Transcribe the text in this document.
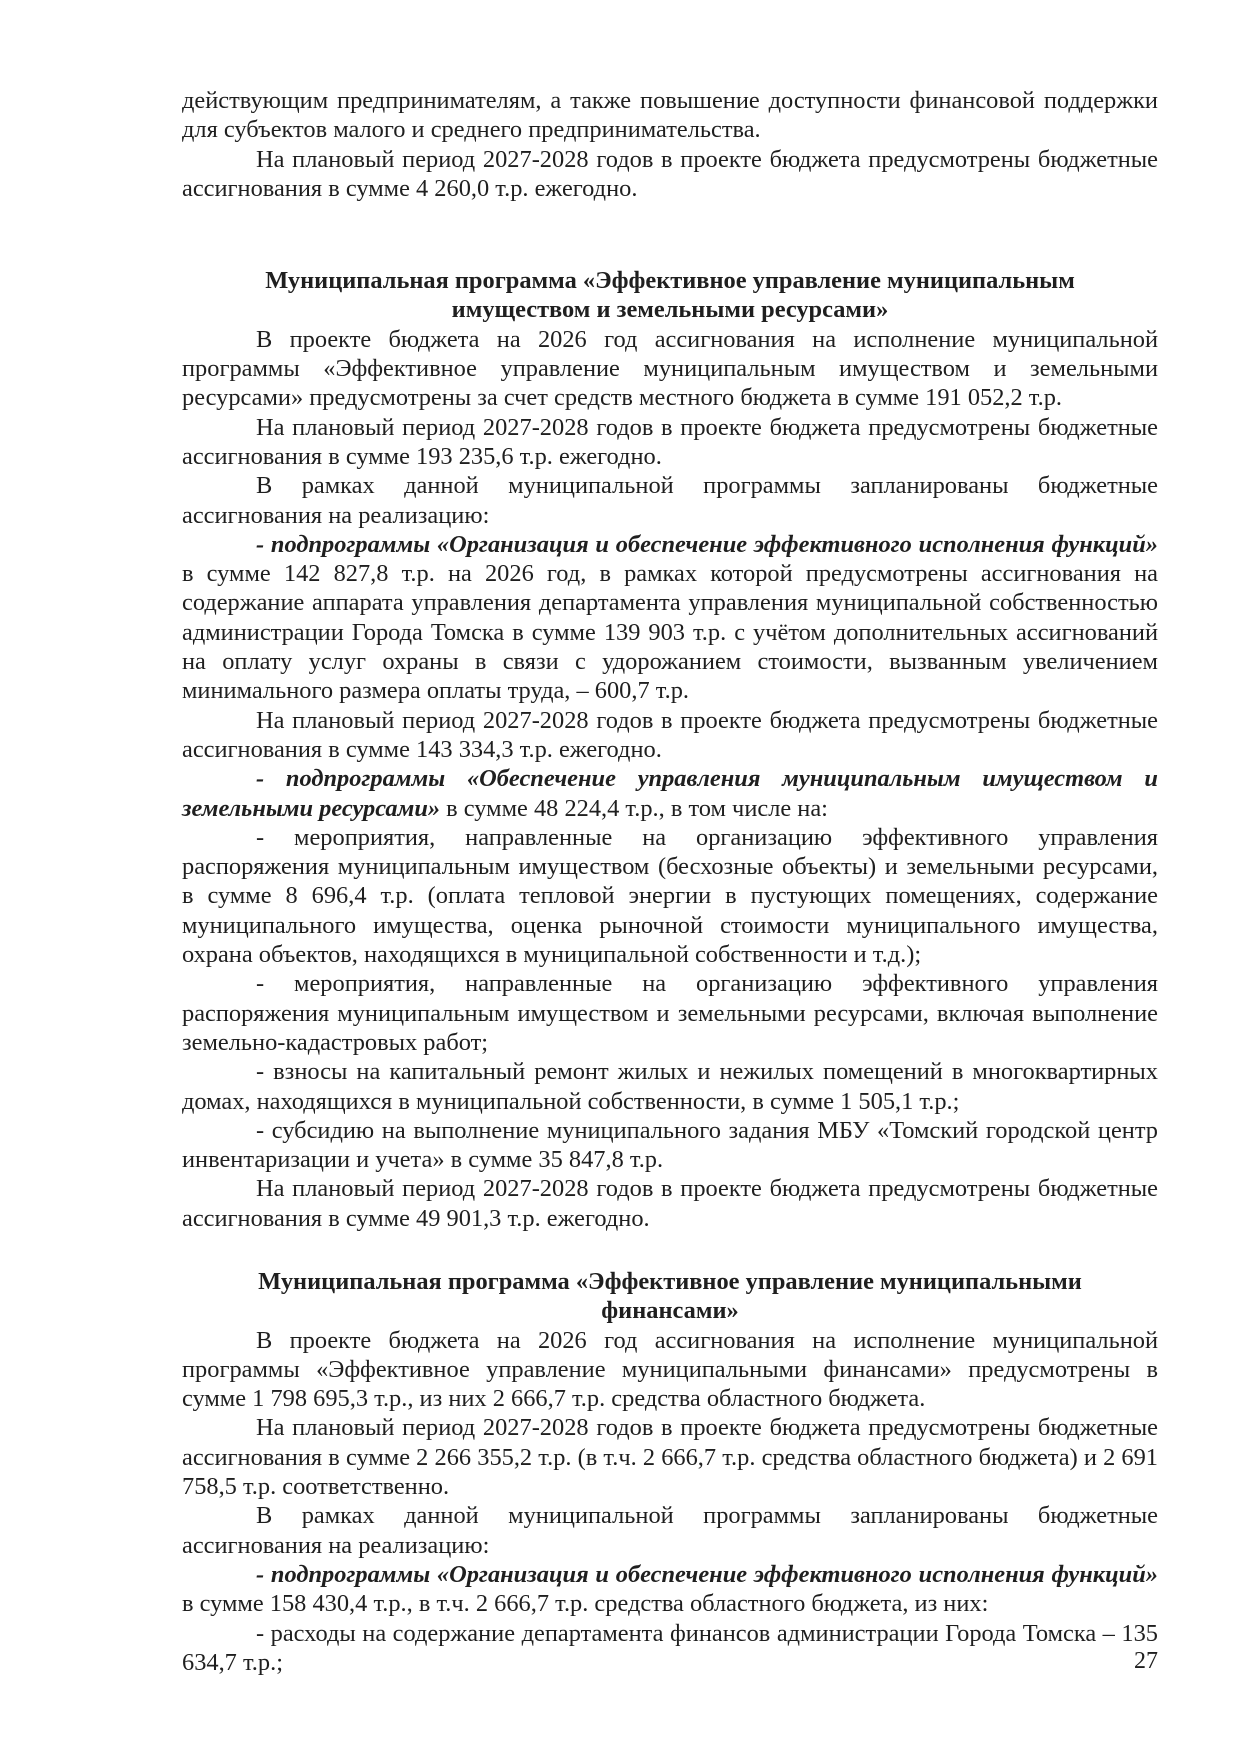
действующим предпринимателям, а также повышение доступности финансовой поддержки для субъектов малого и среднего предпринимательства.

На плановый период 2027-2028 годов в проекте бюджета предусмотрены бюджетные ассигнования в сумме 4 260,0 т.р. ежегодно.

Муниципальная программа «Эффективное управление муниципальным имуществом и земельными ресурсами»

В проекте бюджета на 2026 год ассигнования на исполнение муниципальной программы «Эффективное управление муниципальным имуществом и земельными ресурсами» предусмотрены за счет средств местного бюджета в сумме 191 052,2 т.р.

На плановый период 2027-2028 годов в проекте бюджета предусмотрены бюджетные ассигнования в сумме 193 235,6 т.р. ежегодно.

В рамках данной муниципальной программы запланированы бюджетные ассигнования на реализацию:

- подпрограммы «Организация и обеспечение эффективного исполнения функций» в сумме 142 827,8 т.р. на 2026 год, в рамках которой предусмотрены ассигнования на содержание аппарата управления департамента управления муниципальной собственностью администрации Города Томска в сумме 139 903 т.р. с учётом дополнительных ассигнований на оплату услуг охраны в связи с удорожанием стоимости, вызванным увеличением минимального размера оплаты труда, – 600,7 т.р.

На плановый период 2027-2028 годов в проекте бюджета предусмотрены бюджетные ассигнования в сумме 143 334,3 т.р. ежегодно.

- подпрограммы «Обеспечение управления муниципальным имуществом и земельными ресурсами» в сумме 48 224,4 т.р., в том числе на:

- мероприятия, направленные на организацию эффективного управления распоряжения муниципальным имуществом (бесхозные объекты) и земельными ресурсами, в сумме 8 696,4 т.р. (оплата тепловой энергии в пустующих помещениях, содержание муниципального имущества, оценка рыночной стоимости муниципального имущества, охрана объектов, находящихся в муниципальной собственности и т.д.);

- мероприятия, направленные на организацию эффективного управления распоряжения муниципальным имуществом и земельными ресурсами, включая выполнение земельно-кадастровых работ;

- взносы на капитальный ремонт жилых и нежилых помещений в многоквартирных домах, находящихся в муниципальной собственности, в сумме 1 505,1 т.р.;

- субсидию на выполнение муниципального задания МБУ «Томский городской центр инвентаризации и учета» в сумме 35 847,8 т.р.

На плановый период 2027-2028 годов в проекте бюджета предусмотрены бюджетные ассигнования в сумме 49 901,3 т.р. ежегодно.

Муниципальная программа «Эффективное управление муниципальными финансами»

В проекте бюджета на 2026 год ассигнования на исполнение муниципальной программы «Эффективное управление муниципальными финансами» предусмотрены в сумме 1 798 695,3 т.р., из них 2 666,7 т.р. средства областного бюджета.

На плановый период 2027-2028 годов в проекте бюджета предусмотрены бюджетные ассигнования в сумме 2 266 355,2 т.р. (в т.ч. 2 666,7 т.р. средства областного бюджета) и 2 691 758,5 т.р. соответственно.

В рамках данной муниципальной программы запланированы бюджетные ассигнования на реализацию:

- подпрограммы «Организация и обеспечение эффективного исполнения функций» в сумме 158 430,4 т.р., в т.ч. 2 666,7 т.р. средства областного бюджета, из них:

- расходы на содержание департамента финансов администрации Города Томска – 135 634,7 т.р.;	27
